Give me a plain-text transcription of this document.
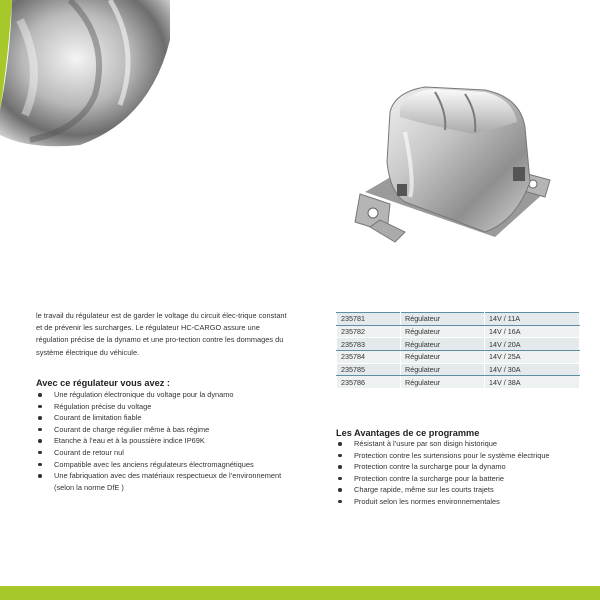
le travail du régulateur est de garder le voltage du circuit élec-trique constant et de prévenir les surcharges. Le régulateur HC-CARGO assure une régulation précise de la dynamo et une pro-tection contre les dommages du système électrique du véhicule.
Avec ce régulateur vous avez :
Une régulation électronique du voltage pour la dynamo
Régulation précise du voltage
Courant de limitation fiable
Courant de charge régulier même à bas régime
Etanche à l’eau et à la poussière indice IP69K
Courant de retour nul
Compatible avec les anciens régulateurs électromagnétiques
Une fabriquation avec des matériaux respectueux de l’environnement (selon la norme DfE )
235781	Régulateur	14V / 11A
235782	Régulateur	14V / 16A
235783	Régulateur	14V / 20A
235784	Régulateur	14V / 25A
235785	Régulateur	14V / 30A
235786	Régulateur	14V / 38A
Les Avantages de ce programme
Résistant à l’usure par son disign historique
Protection contre les surtensions pour le système électrique
Protection contre la surcharge pour la dynamo
Protection contre la surcharge pour la batterie
Charge rapide, même sur les courts trajets
Produit selon les normes environnementales
